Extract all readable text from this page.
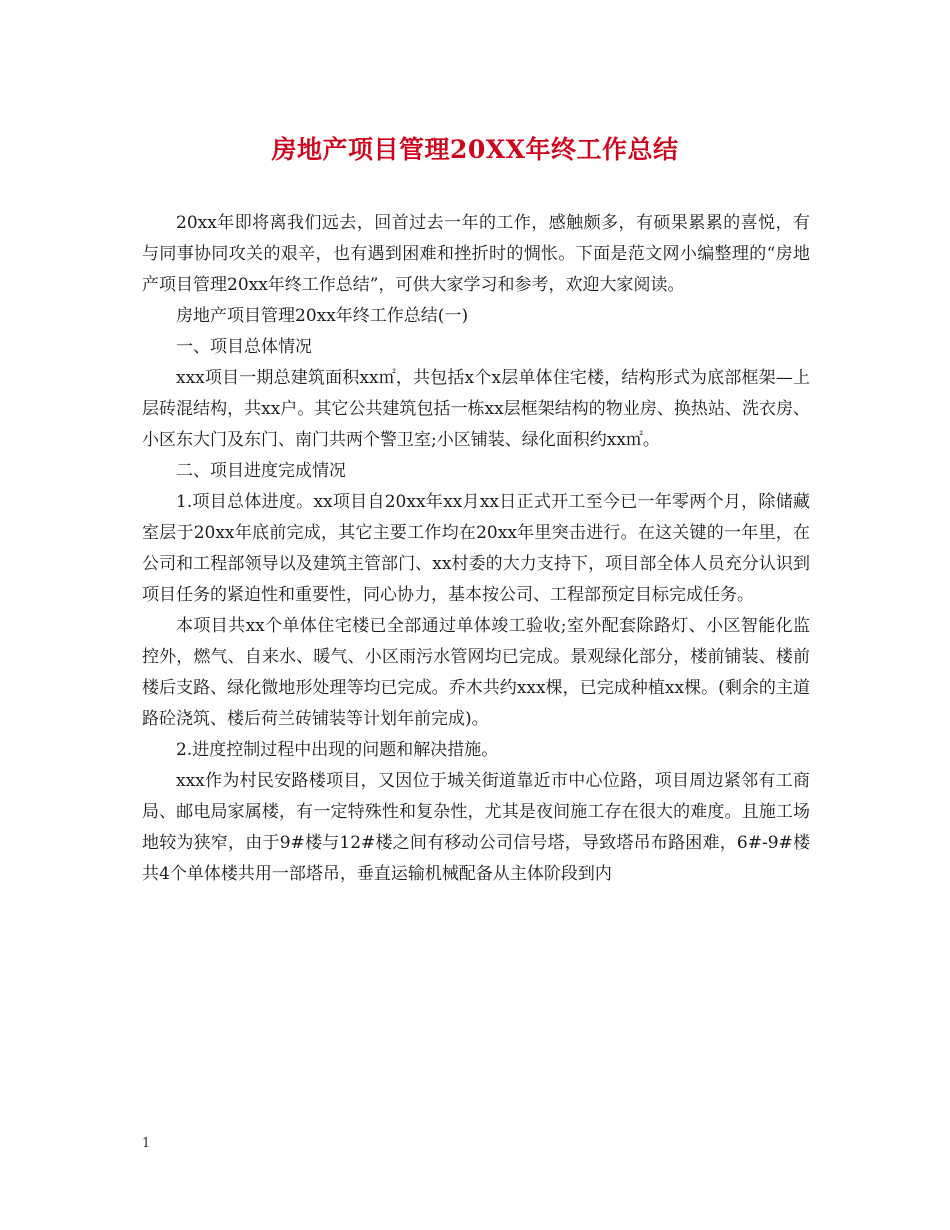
房地产项目管理20XX年终工作总结

20xx年即将离我们远去，回首过去一年的工作，感触颇多，有硕果累累的喜悦，有与同事协同攻关的艰辛，也有遇到困难和挫折时的惆怅。下面是范文网小编整理的“房地产项目管理20xx年终工作总结”，可供大家学习和参考，欢迎大家阅读。

房地产项目管理20xx年终工作总结(一)

一、项目总体情况

xxx项目一期总建筑面积xx㎡，共包括x个x层单体住宅楼，结构形式为底部框架—上层砖混结构，共xx户。其它公共建筑包括一栋xx层框架结构的物业房、换热站、洗衣房、小区东大门及东门、南门共两个警卫室;小区铺装、绿化面积约xx㎡。

二、项目进度完成情况

1.项目总体进度。xx项目自20xx年xx月xx日正式开工至今已一年零两个月，除储藏室层于20xx年底前完成，其它主要工作均在20xx年里突击进行。在这关键的一年里，在公司和工程部领导以及建筑主管部门、xx村委的大力支持下，项目部全体人员充分认识到项目任务的紧迫性和重要性，同心协力，基本按公司、工程部预定目标完成任务。

本项目共xx个单体住宅楼已全部通过单体竣工验收;室外配套除路灯、小区智能化监控外，燃气、自来水、暖气、小区雨污水管网均已完成。景观绿化部分，楼前铺装、楼前楼后支路、绿化微地形处理等均已完成。乔木共约xxx棵，已完成种植xx棵。(剩余的主道路砼浇筑、楼后荷兰砖铺装等计划年前完成)。

2.进度控制过程中出现的问题和解决措施。

xxx作为村民安路楼项目，又因位于城关街道靠近市中心位路，项目周边紧邻有工商局、邮电局家属楼，有一定特殊性和复杂性，尤其是夜间施工存在很大的难度。且施工场地较为狭窄，由于9#楼与12#楼之间有移动公司信号塔，导致塔吊布路困难，6#-9#楼共4个单体楼共用一部塔吊，垂直运输机械配备从主体阶段到内

1
